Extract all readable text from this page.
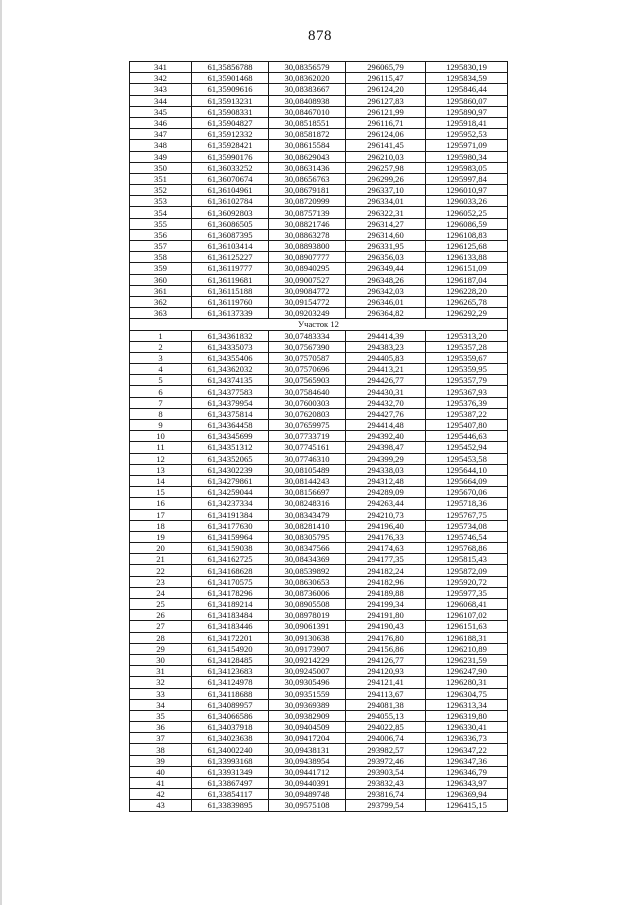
878
341	61,35856788	30,08356579	296065,79	1295830,19
342	61,35901468	30,08362020	296115,47	1295834,59
343	61,35909616	30,08383667	296124,20	1295846,44
344	61,35913231	30,08408938	296127,83	1295860,07
345	61,35908331	30,08467010	296121,99	1295890,97
346	61,35904827	30,08518551	296116,71	1295918,41
347	61,35912332	30,08581872	296124,06	1295952,53
348	61,35928421	30,08615584	296141,45	1295971,09
349	61,35990176	30,08629043	296210,03	1295980,34
350	61,36033252	30,08631436	296257,98	1295983,05
351	61,36070674	30,08656763	296299,26	1295997,84
352	61,36104961	30,08679181	296337,10	1296010,97
353	61,36102784	30,08720999	296334,01	1296033,26
354	61,36092803	30,08757139	296322,31	1296052,25
355	61,36086505	30,08821746	296314,27	1296086,59
356	61,36087395	30,08863278	296314,60	1296108,83
357	61,36103414	30,08893800	296331,95	1296125,68
358	61,36125227	30,08907777	296356,03	1296133,88
359	61,36119777	30,08940295	296349,44	1296151,09
360	61,36119681	30,09007527	296348,26	1296187,04
361	61,36115188	30,09084772	296342,03	1296228,20
362	61,36119760	30,09154772	296346,01	1296265,78
363	61,36137339	30,09203249	296364,82	1296292,29
Участок 12				
1	61,34361832	30,07483334	294414,39	1295313,20
2	61,34335073	30,07567390	294383,23	1295357,28
3	61,34355406	30,07570587	294405,83	1295359,67
4	61,34362032	30,07570696	294413,21	1295359,95
5	61,34374135	30,07565903	294426,77	1295357,79
6	61,34377583	30,07584640	294430,31	1295367,93
7	61,34379954	30,07600303	294432,70	1295376,39
8	61,34375814	30,07620803	294427,76	1295387,22
9	61,34364458	30,07659975	294414,48	1295407,80
10	61,34345699	30,07733719	294392,40	1295446,63
11	61,34351312	30,07745161	294398,47	1295452,94
12	61,34352065	30,07746310	294399,29	1295453,58
13	61,34302239	30,08105489	294338,03	1295644,10
14	61,34279861	30,08144243	294312,48	1295664,09
15	61,34259044	30,08156697	294289,09	1295670,06
16	61,34237334	30,08248316	294263,44	1295718,36
17	61,34191384	30,08343479	294210,73	1295767,75
18	61,34177630	30,08281410	294196,40	1295734,08
19	61,34159964	30,08305795	294176,33	1295746,54
20	61,34159038	30,08347566	294174,63	1295768,86
21	61,34162725	30,08434369	294177,35	1295815,43
22	61,34168628	30,08539892	294182,24	1295872,09
23	61,34170575	30,08630653	294182,96	1295920,72
24	61,34178296	30,08736006	294189,88	1295977,35
25	61,34189214	30,08905508	294199,34	1296068,41
26	61,34183484	30,08978019	294191,80	1296107,02
27	61,34183446	30,09061391	294190,43	1296151,63
28	61,34172201	30,09130638	294176,80	1296188,31
29	61,34154920	30,09173907	294156,86	1296210,89
30	61,34128485	30,09214229	294126,77	1296231,59
31	61,34123683	30,09245007	294120,93	1296247,90
32	61,34124978	30,09305496	294121,41	1296280,31
33	61,34118688	30,09351559	294113,67	1296304,75
34	61,34089957	30,09369389	294081,38	1296313,34
35	61,34066586	30,09382909	294055,13	1296319,80
36	61,34037918	30,09404509	294022,85	1296330,41
37	61,34023638	30,09417204	294006,74	1296336,73
38	61,34002240	30,09438131	293982,57	1296347,22
39	61,33993168	30,09438954	293972,46	1296347,36
40	61,33931349	30,09441712	293903,54	1296346,79
41	61,33867497	30,09440391	293832,43	1296343,97
42	61,33854117	30,09489748	293816,74	1296369,94
43	61,33839895	30,09575108	293799,54	1296415,15
